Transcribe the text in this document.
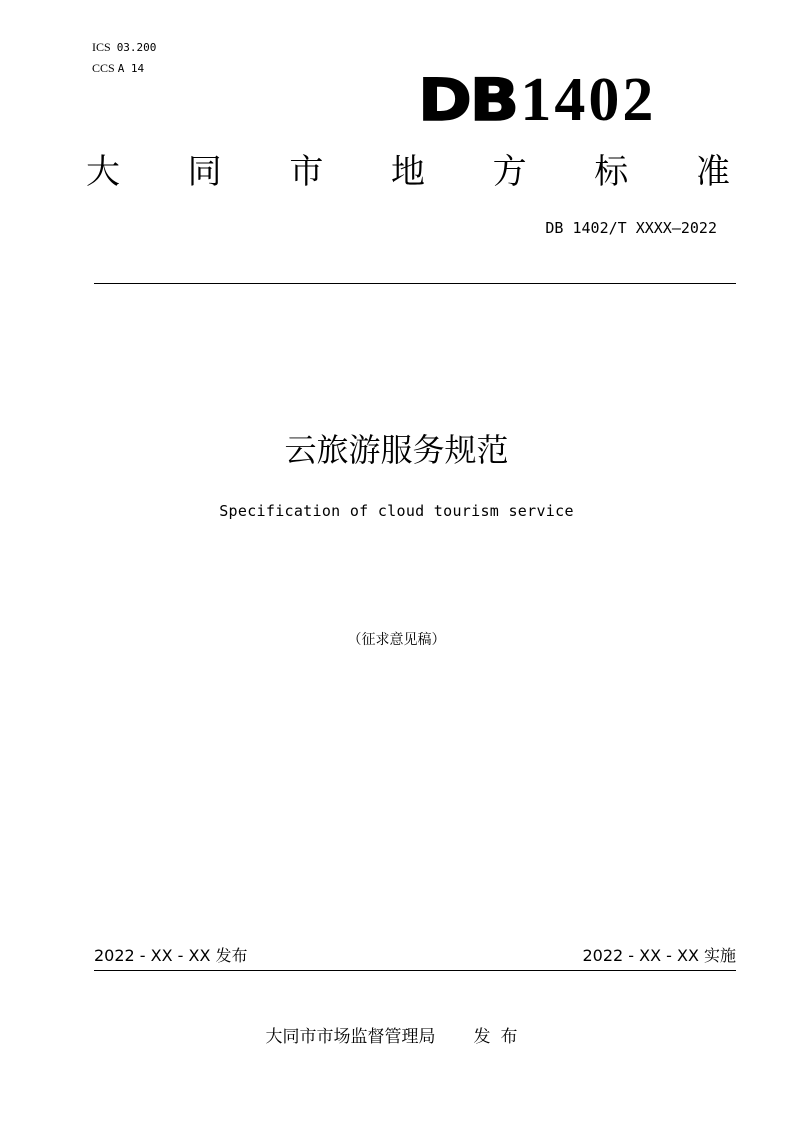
ICS 03.200
CCS A 14	DB 1402
大 同 市 地 方 标 准
DB 1402/T XXXX—2022
云旅游服务规范
Specification of cloud tourism service
（征求意见稿）
2022 - XX - XX 发布	2022 - XX - XX 实施
大同市市场监督管理局 发布
